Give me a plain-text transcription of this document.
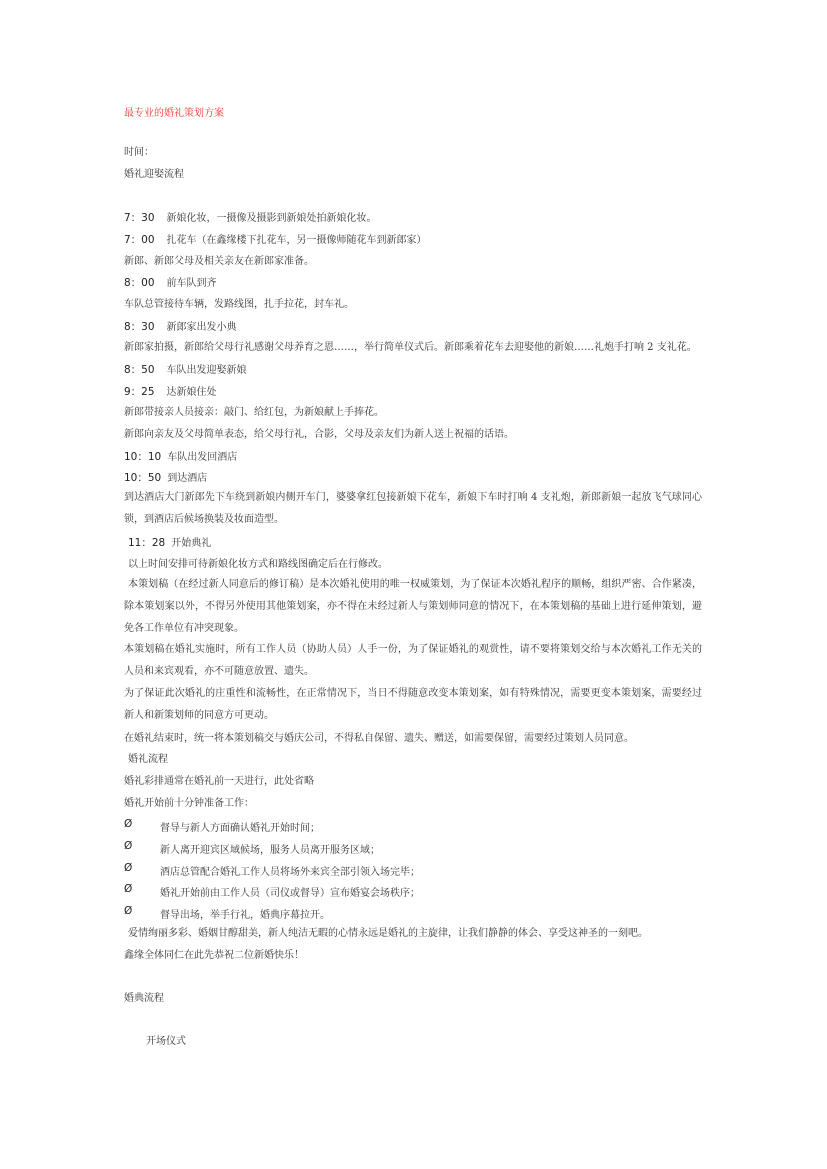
最专业的婚礼策划方案
时间：
婚礼迎娶流程
7：30 新娘化妆，一摄像及摄影到新娘处拍新娘化妆。
7：00 扎花车（在鑫缘楼下扎花车，另一摄像师随花车到新郎家）
新郎、新郎父母及相关亲友在新郎家准备。
8：00 前车队到齐
车队总管接待车辆，发路线图，扎手拉花，封车礼。
8：30 新郎家出发小典
新郎家拍摄，新郎给父母行礼感谢父母养育之恩……，举行简单仪式后。新郎乘着花车去迎娶他的新娘……礼炮手打响 2 支礼花。
8：50 车队出发迎娶新娘
9：25 达新娘住处
新郎带接亲人员接亲：敲门、给红包，为新娘献上手捧花。
新郎向亲友及父母简单表态，给父母行礼，合影，父母及亲友们为新人送上祝福的话语。
10：10 车队出发回酒店
10：50 到达酒店
到达酒店大门新郎先下车绕到新娘内侧开车门，婆婆拿红包接新娘下花车，新娘下车时打响 4 支礼炮，新郎新娘一起放飞气球同心锁，到酒店后候场换装及妆面造型。
11：28 开始典礼
以上时间安排可待新娘化妆方式和路线图确定后在行修改。
本策划稿（在经过新人同意后的修订稿）是本次婚礼使用的唯一权威策划，为了保证本次婚礼程序的顺畅，组织严密、合作紧凑，除本策划案以外，不得另外使用其他策划案，亦不得在未经过新人与策划师同意的情况下，在本策划稿的基础上进行延伸策划，避免各工作单位有冲突现象。
本策划稿在婚礼实施时，所有工作人员（协助人员）人手一份，为了保证婚礼的观赏性，请不要将策划交给与本次婚礼工作无关的人员和来宾观看，亦不可随意放置、遗失。
为了保证此次婚礼的庄重性和流畅性，在正常情况下，当日不得随意改变本策划案，如有特殊情况，需要更变本策划案，需要经过新人和新策划师的同意方可更动。
在婚礼结束时，统一将本策划稿交与婚庆公司，不得私自保留、遗失、赠送，如需要保留，需要经过策划人员同意。
婚礼流程
婚礼彩排通常在婚礼前一天进行，此处省略
婚礼开始前十分钟准备工作：
Ø	督导与新人方面确认婚礼开始时间；
Ø	新人离开迎宾区域候场，服务人员离开服务区域；
Ø	酒店总管配合婚礼工作人员将场外来宾全部引领入场完毕；
Ø	婚礼开始前由工作人员（司仪或督导）宣布婚宴会场秩序；
Ø	督导出场，举手行礼，婚典序幕拉开。
爱情绚丽多彩、婚姻甘醇甜美，新人纯洁无暇的心情永远是婚礼的主旋律，让我们静静的体会、享受这神圣的一刻吧。
鑫缘全体同仁在此先恭祝二位新婚快乐！
婚典流程
开场仪式
